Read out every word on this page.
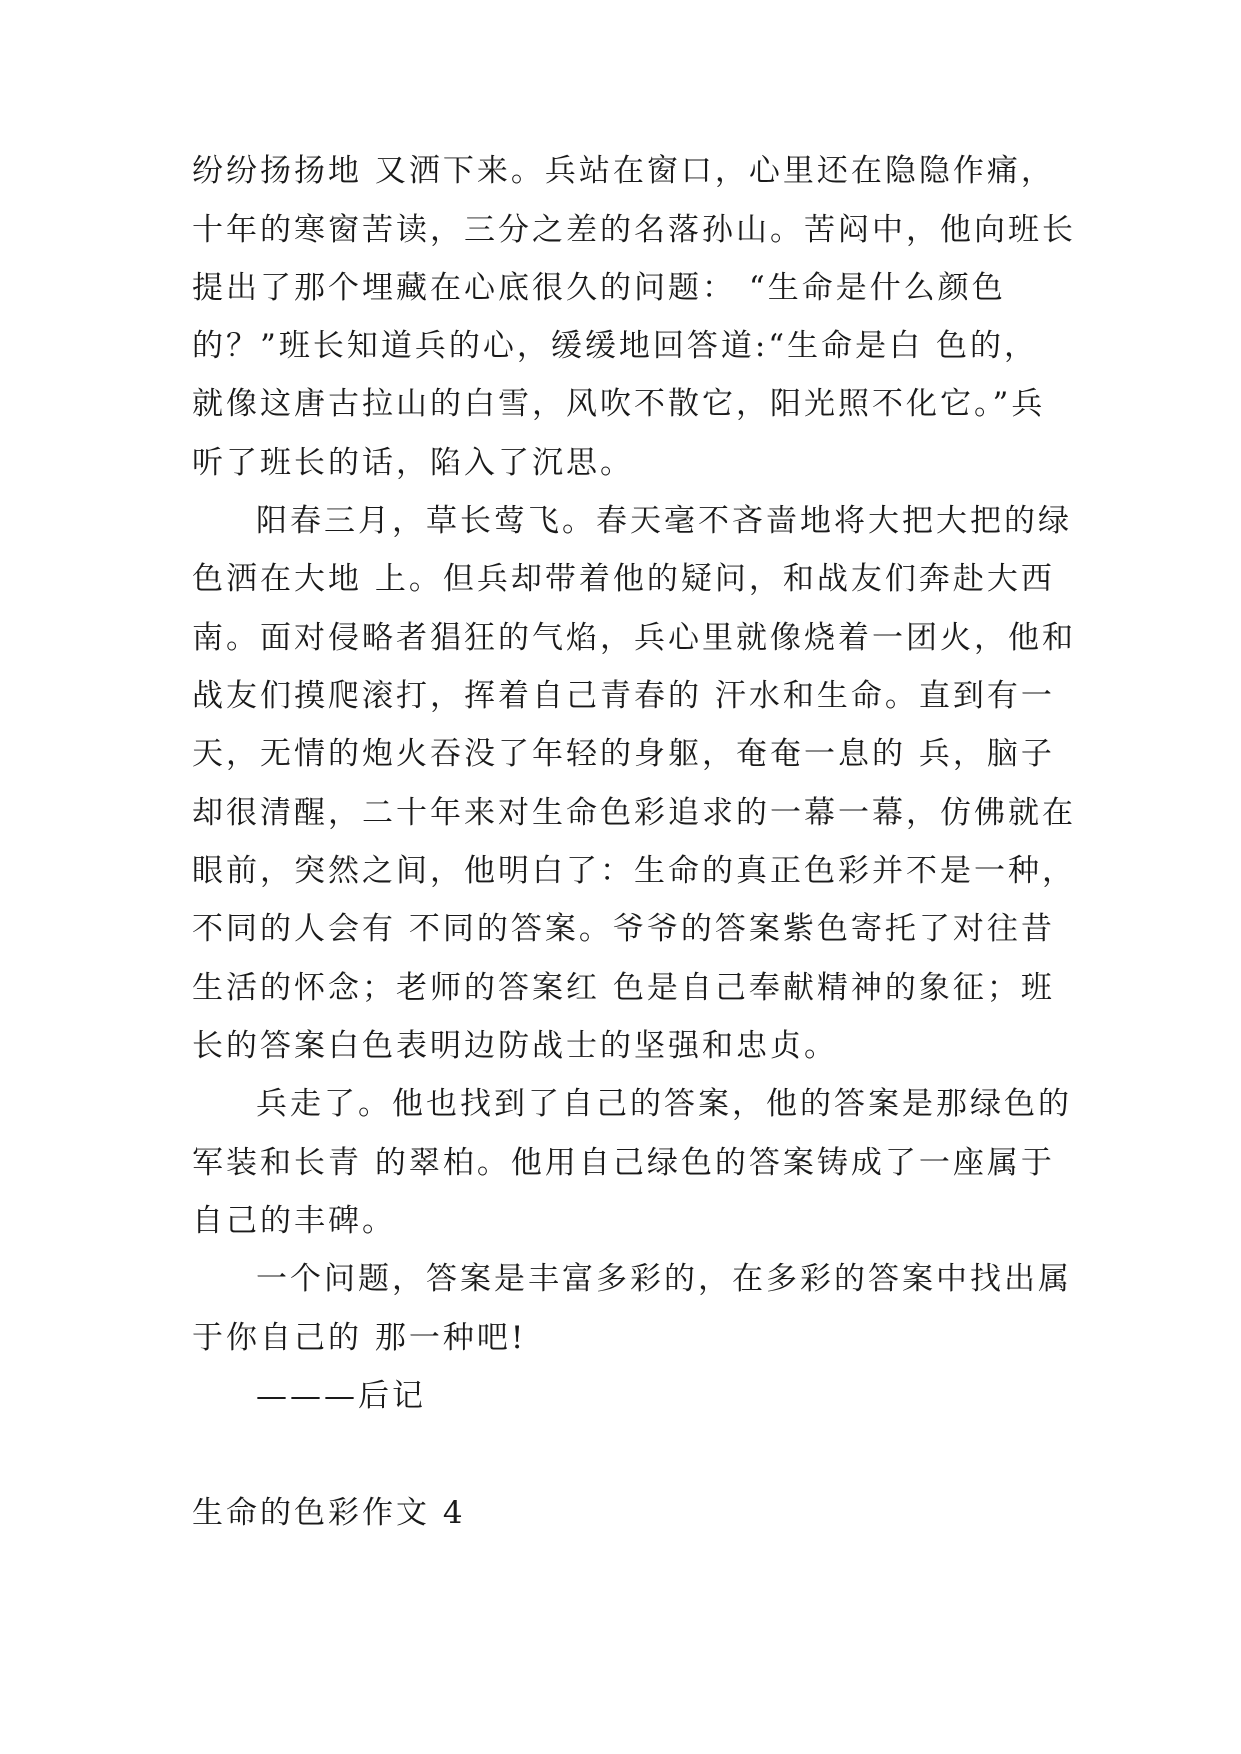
纷纷扬扬地 又洒下来。兵站在窗口，心里还在隐隐作痛，
十年的寒窗苦读，三分之差的名落孙山。苦闷中，他向班长
提出了那个埋藏在心底很久的问题： “生命是什么颜色
的？”班长知道兵的心，缓缓地回答道:“生命是白 色的，
就像这唐古拉山的白雪，风吹不散它，阳光照不化它。”兵
听了班长的话，陷入了沉思。
阳春三月，草长莺飞。春天毫不吝啬地将大把大把的绿
色洒在大地 上。但兵却带着他的疑问，和战友们奔赴大西
南。面对侵略者猖狂的气焰，兵心里就像烧着一团火，他和
战友们摸爬滚打，挥着自己青春的 汗水和生命。直到有一
天，无情的炮火吞没了年轻的身躯，奄奄一息的 兵，脑子
却很清醒，二十年来对生命色彩追求的一幕一幕，仿佛就在
眼前，突然之间，他明白了：生命的真正色彩并不是一种，
不同的人会有 不同的答案。爷爷的答案紫色寄托了对往昔
生活的怀念；老师的答案红 色是自己奉献精神的象征；班
长的答案白色表明边防战士的坚强和忠贞。
兵走了。他也找到了自己的答案，他的答案是那绿色的
军装和长青 的翠柏。他用自己绿色的答案铸成了一座属于
自己的丰碑。
一个问题，答案是丰富多彩的，在多彩的答案中找出属
于你自己的 那一种吧!
———后记
生命的色彩作文 4
